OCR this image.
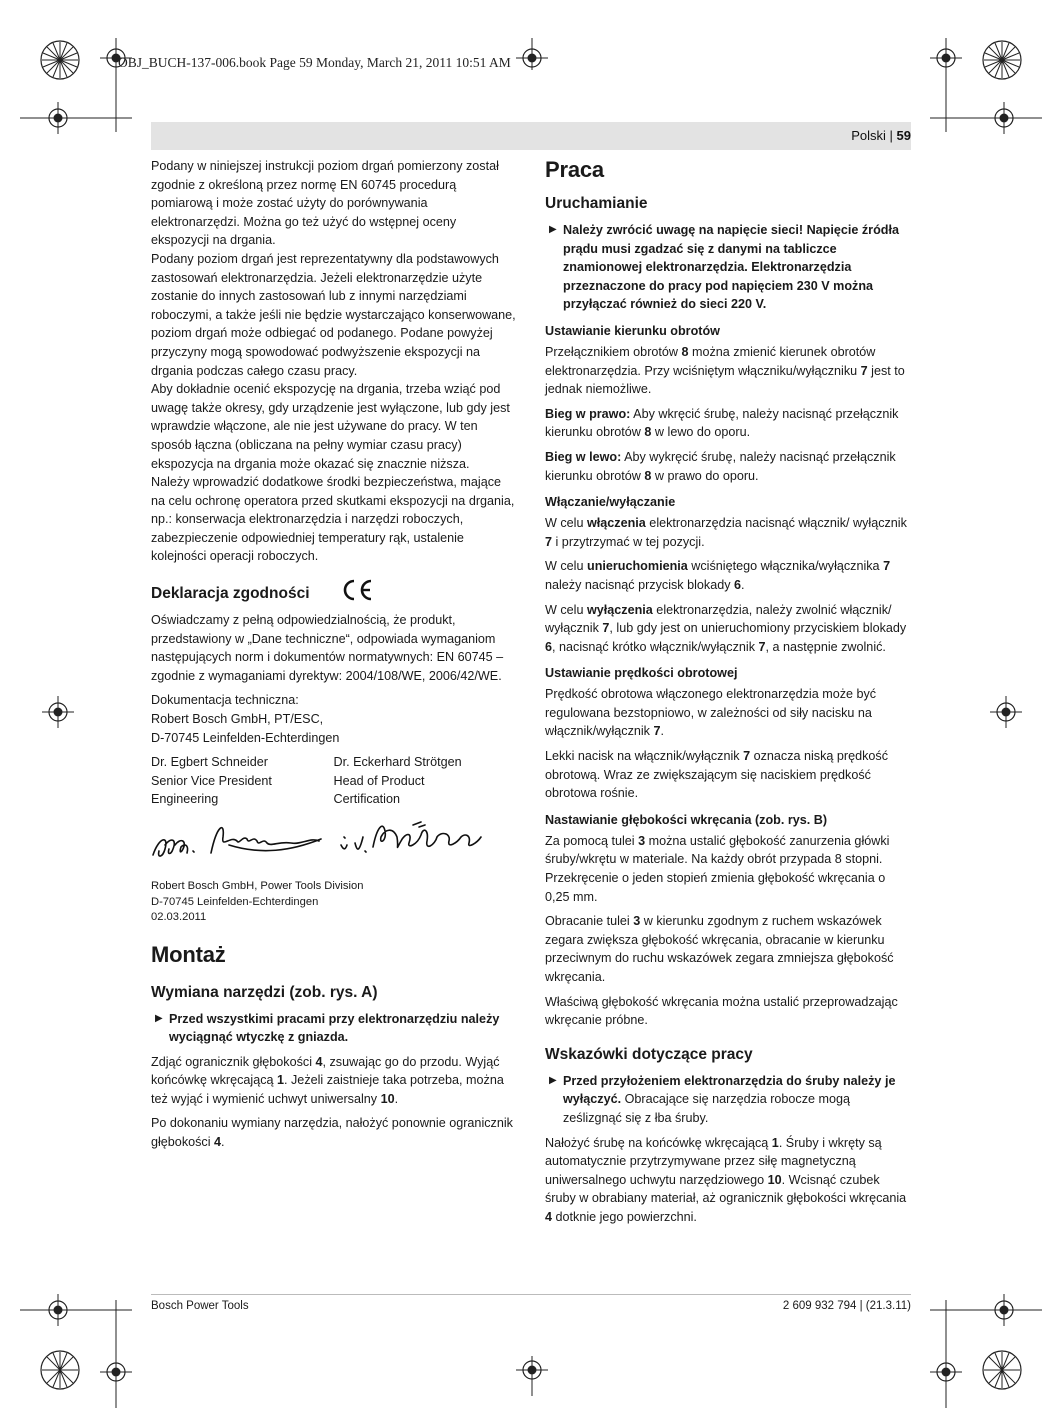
OBJ_BUCH-137-006.book Page 59 Monday, March 21, 2011 10:51 AM
Polski | 59

Podany w niniejszej instrukcji poziom drgań pomierzony został zgodnie z określoną przez normę EN 60745 procedurą pomiarową i może zostać użyty do porównywania elektronarzędzi. Można go też użyć do wstępnej oceny ekspozycji na drgania.

Podany poziom drgań jest reprezentatywny dla podstawowych zastosowań elektronarzędzia. Jeżeli elektronarzędzie użyte zostanie do innych zastosowań lub z innymi narzędziami roboczymi, a także jeśli nie będzie wystarczająco konserwowane, poziom drgań może odbiegać od podanego. Podane powyżej przyczyny mogą spowodować podwyższenie ekspozycji na drgania podczas całego czasu pracy.

Aby dokładnie ocenić ekspozycję na drgania, trzeba wziąć pod uwagę także okresy, gdy urządzenie jest wyłączone, lub gdy jest wprawdzie włączone, ale nie jest używane do pracy. W ten sposób łączna (obliczana na pełny wymiar czasu pracy) ekspozycja na drgania może okazać się znacznie niższa.

Należy wprowadzić dodatkowe środki bezpieczeństwa, mające na celu ochronę operatora przed skutkami ekspozycji na drgania, np.: konserwacja elektronarzędzia i narzędzi roboczych, zabezpieczenie odpowiedniej temperatury rąk, ustalenie kolejności operacji roboczych.

Deklaracja zgodności

Oświadczamy z pełną odpowiedzialnością, że produkt, przedstawiony w „Dane techniczne“, odpowiada wymaganiom następujących norm i dokumentów normatywnych: EN 60745 – zgodnie z wymaganiami dyrektyw: 2004/108/WE, 2006/42/WE.

Dokumentacja techniczna:
Robert Bosch GmbH, PT/ESC,
D-70745 Leinfelden-Echterdingen

Dr. Egbert Schneider
Senior Vice President
Engineering
Dr. Eckerhard Strötgen
Head of Product
Certification
Robert Bosch GmbH, Power Tools Division
D-70745 Leinfelden-Echterdingen
02.03.2011
Montaż
Wymiana narzędzi (zob. rys. A)

▶ Przed wszystkimi pracami przy elektronarzędziu należy wyciągnąć wtyczkę z gniazda.

Zdjąć ogranicznik głębokości 4, zsuwając go do przodu. Wyjąć końcówkę wkręcającą 1. Jeżeli zaistnieje taka potrzeba, można też wyjąć i wymienić uchwyt uniwersalny 10.

Po dokonaniu wymiany narzędzia, nałożyć ponownie ogranicznik głębokości 4.

Praca
Uruchamianie

▶ Należy zwrócić uwagę na napięcie sieci! Napięcie źródła prądu musi zgadzać się z danymi na tabliczce znamionowej elektronarzędzia. Elektronarzędzia przeznaczone do pracy pod napięciem 230 V można przyłączać również do sieci 220 V.

Ustawianie kierunku obrotów

Przełącznikiem obrotów 8 można zmienić kierunek obrotów elektronarzędzia. Przy wciśniętym włączniku/wyłączniku 7 jest to jednak niemożliwe.

Bieg w prawo: Aby wkręcić śrubę, należy nacisnąć przełącznik kierunku obrotów 8 w lewo do oporu.

Bieg w lewo: Aby wykręcić śrubę, należy nacisnąć przełącznik kierunku obrotów 8 w prawo do oporu.

Włączanie/wyłączanie

W celu włączenia elektronarzędzia nacisnąć włącznik/ wyłącznik 7 i przytrzymać w tej pozycji.

W celu unieruchomienia wciśniętego włącznika/wyłącznika 7 należy nacisnąć przycisk blokady 6.

W celu wyłączenia elektronarzędzia, należy zwolnić włącznik/ wyłącznik 7, lub gdy jest on unieruchomiony przyciskiem blokady 6, nacisnąć krótko włącznik/wyłącznik 7, a następnie zwolnić.

Ustawianie prędkości obrotowej

Prędkość obrotowa włączonego elektronarzędzia może być regulowana bezstopniowo, w zależności od siły nacisku na włącznik/wyłącznik 7.

Lekki nacisk na włącznik/wyłącznik 7 oznacza niską prędkość obrotową. Wraz ze zwiększającym się naciskiem prędkość obrotowa rośnie.

Nastawianie głębokości wkręcania (zob. rys. B)

Za pomocą tulei 3 można ustalić głębokość zanurzenia główki śruby/wkrętu w materiale. Na każdy obrót przypada 8 stopni. Przekręcenie o jeden stopień zmienia głębokość wkręcania o 0,25 mm.

Obracanie tulei 3 w kierunku zgodnym z ruchem wskazówek zegara zwiększa głębokość wkręcania, obracanie w kierunku przeciwnym do ruchu wskazówek zegara zmniejsza głębokość wkręcania.

Właściwą głębokość wkręcania można ustalić przeprowadzając wkręcanie próbne.

Wskazówki dotyczące pracy

▶ Przed przyłożeniem elektronarzędzia do śruby należy je wyłączyć. Obracające się narzędzia robocze mogą ześlizgnąć się z łba śruby.

Nałożyć śrubę na końcówkę wkręcającą 1. Śruby i wkręty są automatycznie przytrzymywane przez siłę magnetyczną uniwersalnego uchwytu narzędziowego 10. Wcisnąć czubek śruby w obrabiany materiał, aż ogranicznik głębokości wkręcania 4 dotknie jego powierzchni.

Bosch Power Tools	2 609 932 794 | (21.3.11)
